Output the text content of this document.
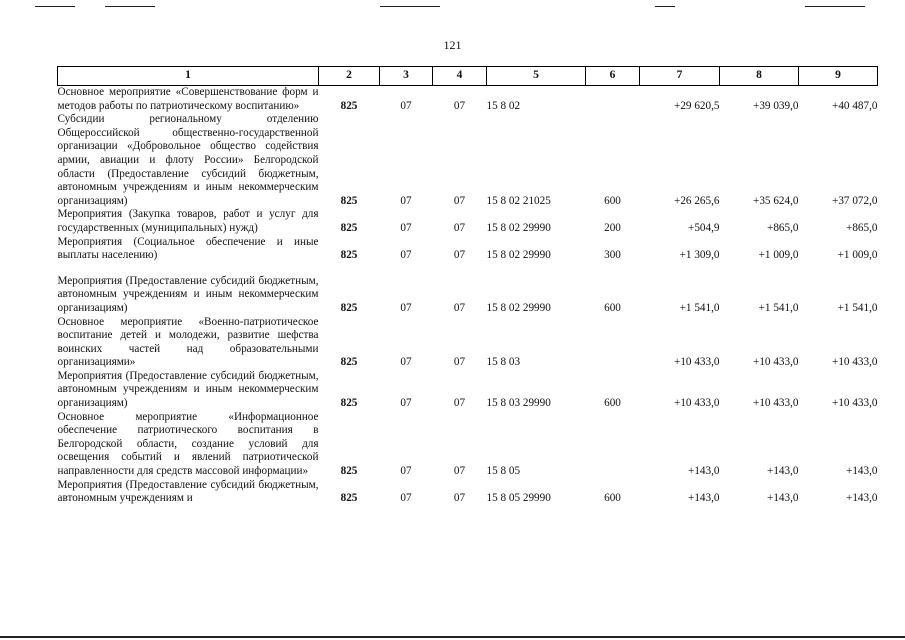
121
1	2	3	4	5	6	7	8	9
Основное мероприятие «Совершенствование форм и методов работы по патриотическому воспитанию»	825	07	07	15 8 02		+29 620,5	+39 039,0	+40 487,0
Субсидии региональному отделению Общероссийской общественно-государственной организации «Добровольное общество содействия армии, авиации и флоту России» Белгородской области (Предоставление субсидий бюджетным, автономным учреждениям и иным некоммерческим организациям)	825	07	07	15 8 02 21025	600	+26 265,6	+35 624,0	+37 072,0
Мероприятия (Закупка товаров, работ и услуг для государственных (муниципальных) нужд)	825	07	07	15 8 02 29990	200	+504,9	+865,0	+865,0
Мероприятия (Социальное обеспечение и иные выплаты населению)	825	07	07	15 8 02 29990	300	+1 309,0	+1 009,0	+1 009,0

Мероприятия (Предоставление субсидий бюджетным, автономным учреждениям и иным некоммерческим организациям)	825	07	07	15 8 02 29990	600	+1 541,0	+1 541,0	+1 541,0
Основное мероприятие «Военно-патриотическое воспитание детей и молодежи, развитие шефства воинских частей над образовательными организациями»	825	07	07	15 8 03		+10 433,0	+10 433,0	+10 433,0
Мероприятия (Предоставление субсидий бюджетным, автономным учреждениям и иным некоммерческим организациям)	825	07	07	15 8 03 29990	600	+10 433,0	+10 433,0	+10 433,0
Основное мероприятие «Информационное обеспечение патриотического воспитания в Белгородской области, создание условий для освещения событий и явлений патриотической направленности для средств массовой информации»	825	07	07	15 8 05		+143,0	+143,0	+143,0
Мероприятия (Предоставление субсидий бюджетным, автономным учреждениям и	825	07	07	15 8 05 29990	600	+143,0	+143,0	+143,0
